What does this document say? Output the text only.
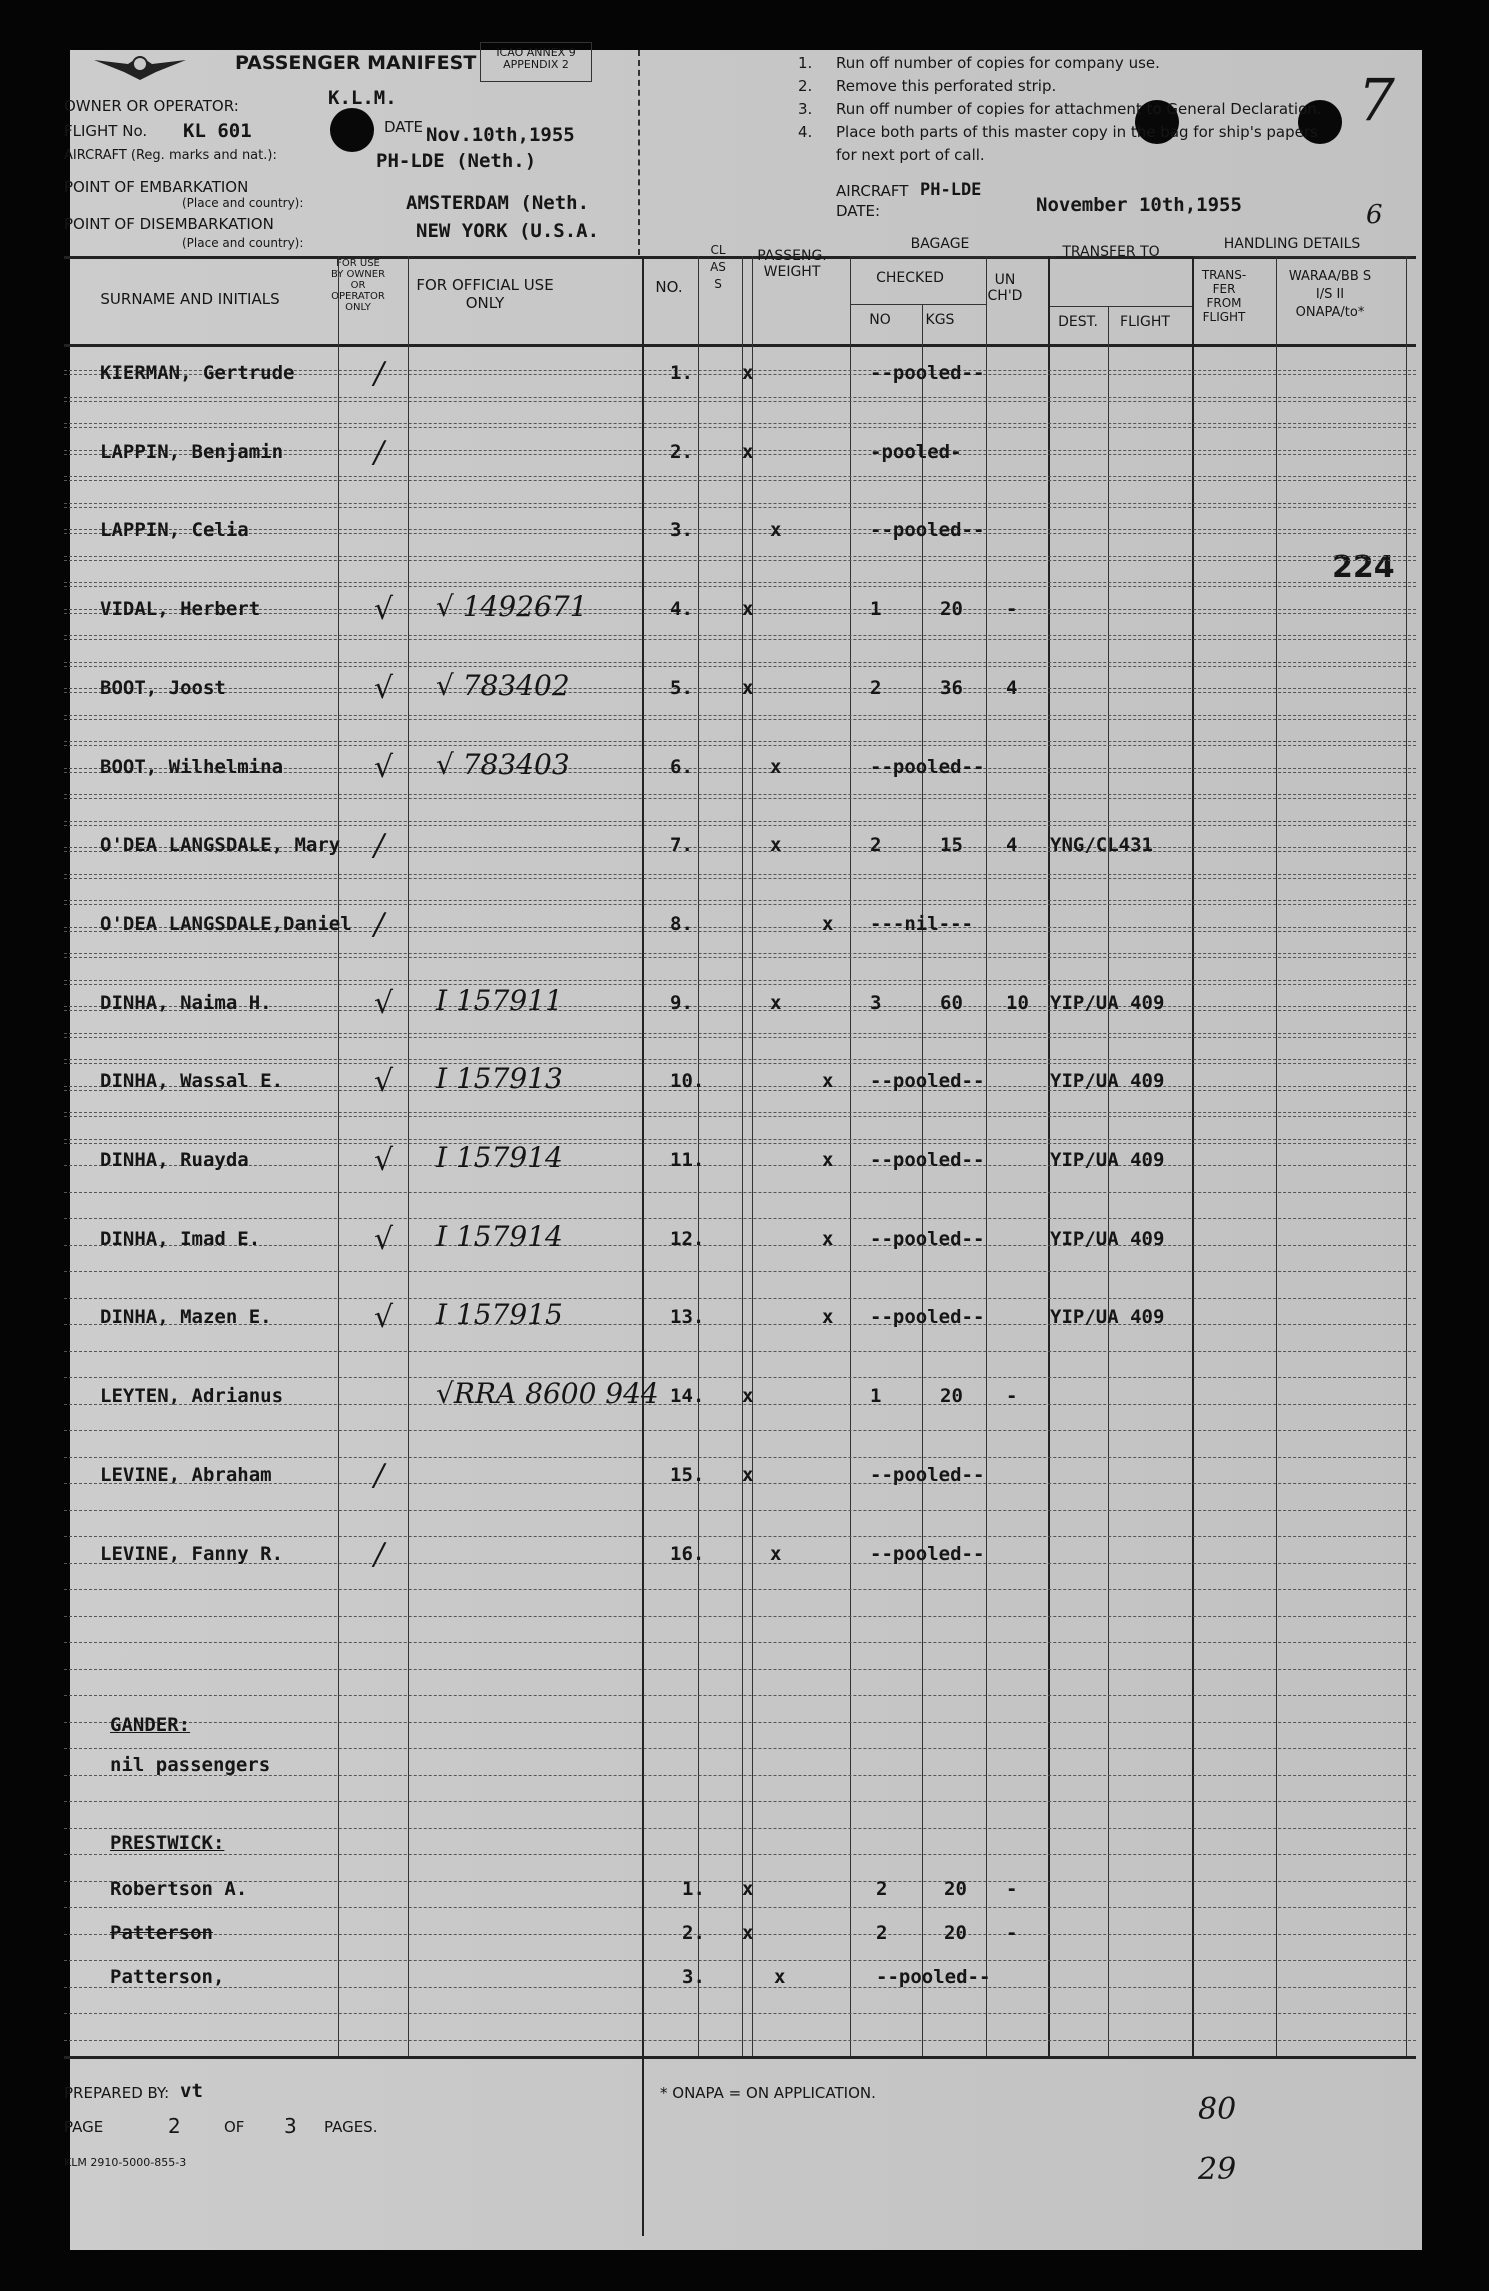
PASSENGER MANIFEST	ICAO ANNEX 9
APPENDIX 2
OWNER OR OPERATOR:	K.L.M.
FLIGHT No. KL 601	DATE Nov.10th,1955
AIRCRAFT (Reg. marks and nat.):	PH-LDE (Neth.)
POINT OF EMBARKATION
(Place and country):	AMSTERDAM (Neth.
POINT OF DISEMBARKATION
(Place and country):
NEW YORK (U.S.A.
1. Run off number of copies for company use.
2. Remove this perforated strip.
3. Run off number of copies for attachment to General Declaration.
4. Place both parts of this master copy in the bag for ship's papers
for next port of call.
AIRCRAFT PH-LDE
DATE:	November 10th,1955
7
6
224
80
29
SURNAME AND INITIALS
FOR USE BY OWNER OR OPERATOR ONLY
FOR OFFICIAL USE ONLY
NO.
CLASS
PASSENG. WEIGHT
BAGAGE
CHECKED
NO	KGS
UN CH'D
TRANSFER TO
DEST.	FLIGHT
HANDLING DETAILS
TRANS- FER FROM FLIGHT
WARAA/BB S I/S II ONAPA/to*
KIERMAN, Gertrude	/	1.	x	--pooled--
LAPPIN, Benjamin	/	2.	x	-pooled-
LAPPIN, Celia	3.	x	--pooled--
VIDAL, Herbert	√ √ 1492671	4.	x	1	20 -
BOOT, Joost	√ √ 783402	5.	x	2	36 4
BOOT, Wilhelmina	√ √ 783403	6.	x	--pooled--
O'DEA LANGSDALE, Mary /	7.	x	2	15 4 YNG/CL431
O'DEA LANGSDALE,Daniel /	8.	x ---nil---
DINHA, Naima H.	√ I 157911	9.	x	3	60 10 YIP/UA 409
DINHA, Wassal E.	√ I 157913	10.	x --pooled--	YIP/UA 409
DINHA, Ruayda	√ I 157914	11.	x --pooled--	YIP/UA 409
DINHA, Imad E.	√ I 157914	12.	x --pooled--	YIP/UA 409
DINHA, Mazen E.	√ I 157915	13.	x --pooled--	YIP/UA 409
LEYTEN, Adrianus	√RRA 8600 944 14. x	1	20 -
LEVINE, Abraham	/	15. x	--pooled--
LEVINE, Fanny R.	/	16.	x	--pooled--
GANDER:
nil passengers
PRESTWICK:
Robertson A.	1. x	2	20 -
Patterson	2. x	2	20 -
Patterson,	3.	x	--pooled--
PREPARED BY: vt
PAGE	2	OF 3 PAGES.
KLM 2910-5000-855-3
* ONAPA = ON APPLICATION.
